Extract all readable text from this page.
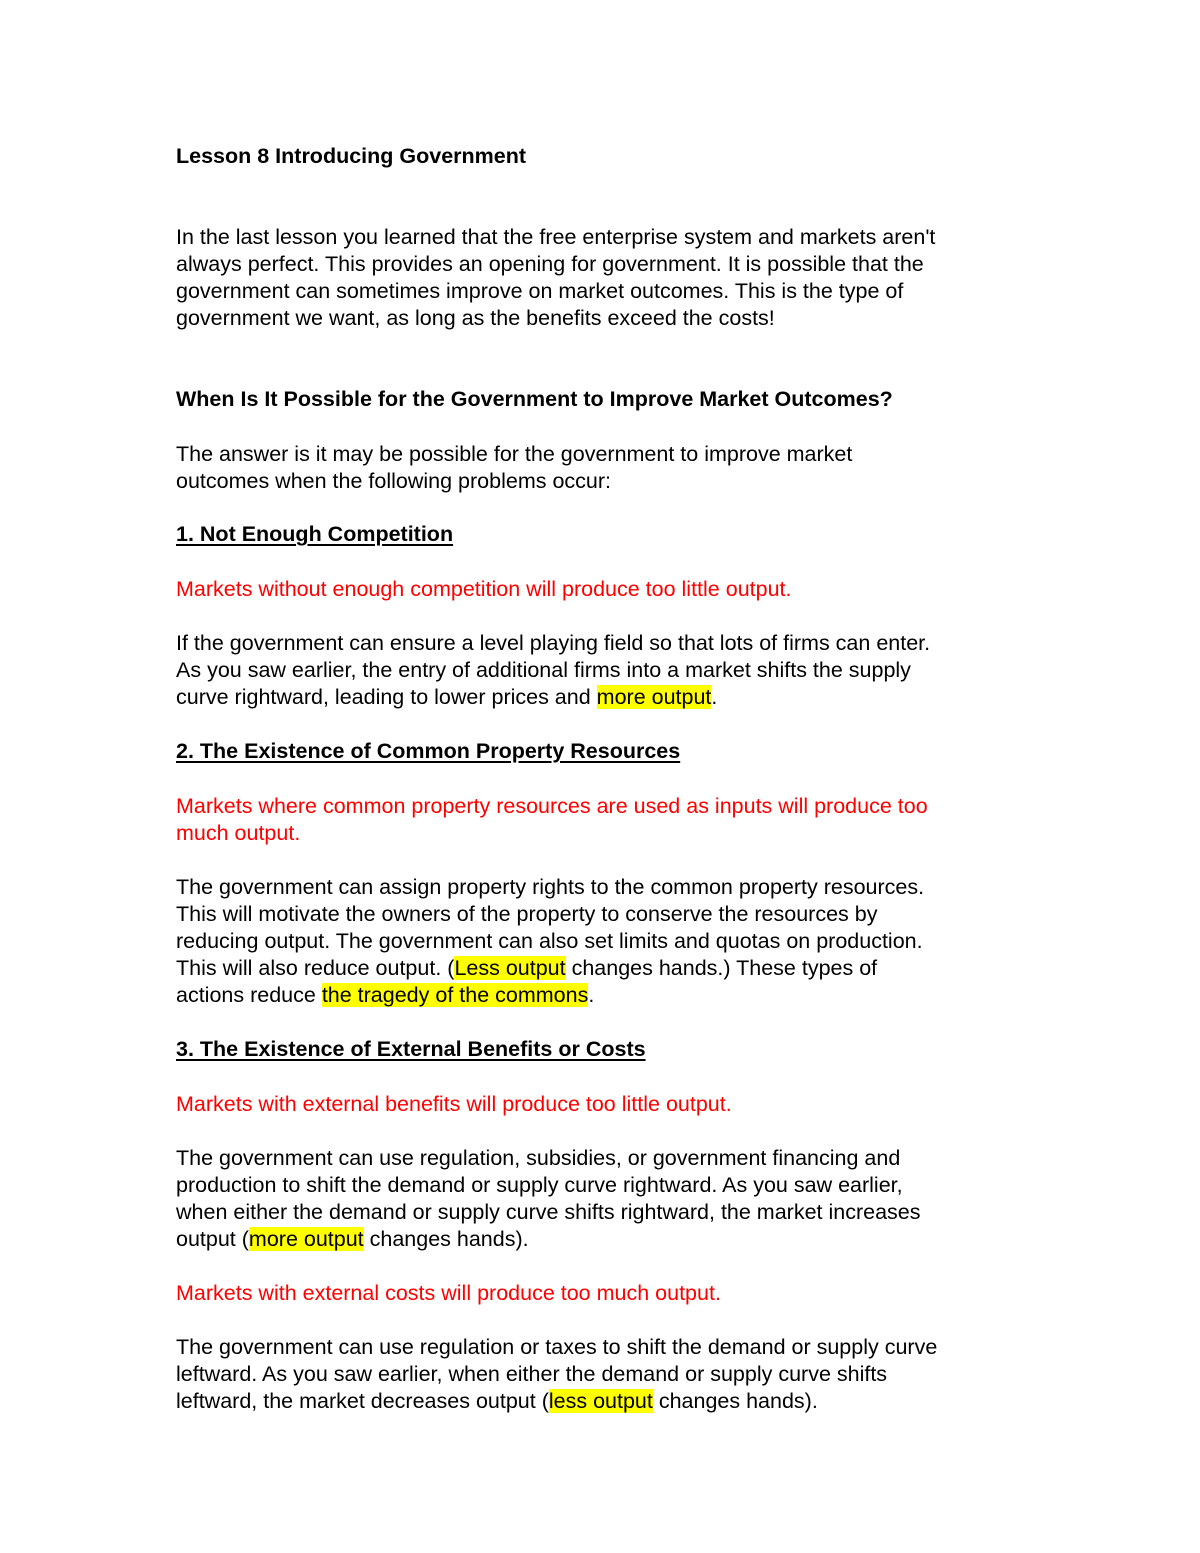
Lesson 8 Introducing Government
In the last lesson you learned that the free enterprise system and markets aren't
always perfect. This provides an opening for government. It is possible that the
government can sometimes improve on market outcomes. This is the type of
government we want, as long as the benefits exceed the costs!
When Is It Possible for the Government to Improve Market Outcomes?
The answer is it may be possible for the government to improve market
outcomes when the following problems occur:
1. Not Enough Competition
Markets without enough competition will produce too little output.
If the government can ensure a level playing field so that lots of firms can enter.
As you saw earlier, the entry of additional firms into a market shifts the supply
curve rightward, leading to lower prices and more output.
2. The Existence of Common Property Resources
Markets where common property resources are used as inputs will produce too
much output.
The government can assign property rights to the common property resources.
This will motivate the owners of the property to conserve the resources by
reducing output. The government can also set limits and quotas on production.
This will also reduce output. (Less output changes hands.) These types of
actions reduce the tragedy of the commons.
3. The Existence of External Benefits or Costs
Markets with external benefits will produce too little output.
The government can use regulation, subsidies, or government financing and
production to shift the demand or supply curve rightward. As you saw earlier,
when either the demand or supply curve shifts rightward, the market increases
output (more output changes hands).
Markets with external costs will produce too much output.
The government can use regulation or taxes to shift the demand or supply curve
leftward. As you saw earlier, when either the demand or supply curve shifts
leftward, the market decreases output (less output changes hands).
